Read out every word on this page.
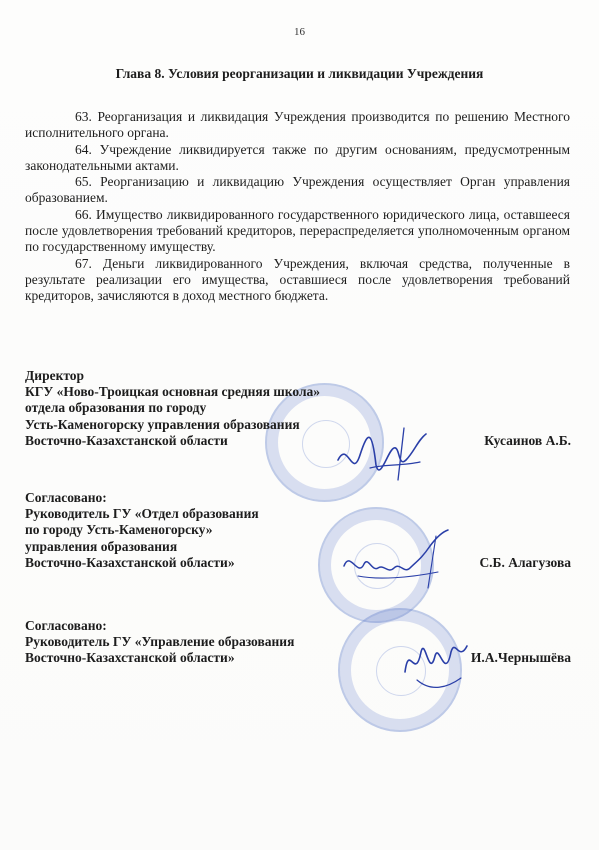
16
Глава 8. Условия реорганизации и ликвидации Учреждения

63. Реорганизация и ликвидация Учреждения производится по решению Местного исполнительного органа.

64. Учреждение ликвидируется также по другим основаниям, предусмотренным законодательными актами.

65. Реорганизацию и ликвидацию Учреждения осуществляет Орган управления образованием.

66. Имущество ликвидированного государственного юридического лица, оставшееся после удовлетворения требований кредиторов, перераспределяется уполномоченным органом по государственному имуществу.

67. Деньги ликвидированного Учреждения, включая средства, полученные в результате реализации его имущества, оставшиеся после удовлетворения требований кредиторов, зачисляются в доход местного бюджета.

Директор
КГУ «Ново-Троицкая основная средняя школа»
отдела образования по городу
Усть-Каменогорску управления образования
Восточно-Казахстанской области	Кусаинов А.Б.
Согласовано:
Руководитель ГУ «Отдел образования
по городу Усть-Каменогорску»
управления образования
Восточно-Казахстанской области»	С.Б. Алагузова
Согласовано:
Руководитель ГУ «Управление образования
Восточно-Казахстанской области»	И.А.Чернышёва
